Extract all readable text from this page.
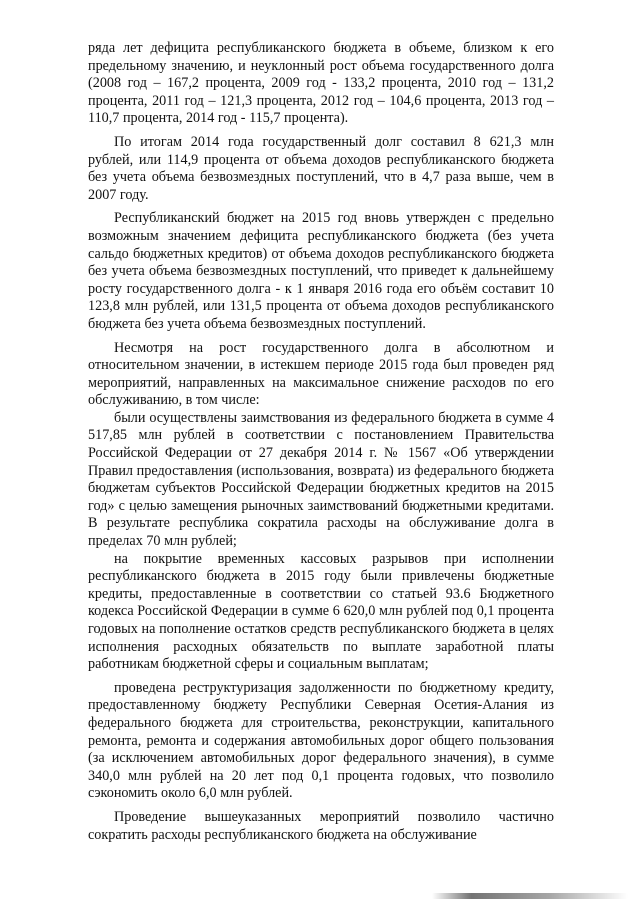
ряда лет дефицита республиканского бюджета в объеме, близком к его предельному значению, и неуклонный рост объема государственного долга (2008 год – 167,2 процента, 2009 год - 133,2 процента, 2010 год – 131,2 процента, 2011 год – 121,3 процента, 2012 год – 104,6 процента, 2013 год – 110,7 процента, 2014 год - 115,7 процента).

По итогам 2014 года государственный долг составил 8 621,3 млн рублей, или 114,9 процента от объема доходов республиканского бюджета без учета объема безвозмездных поступлений, что в 4,7 раза выше, чем в 2007 году.

Республиканский бюджет на 2015 год вновь утвержден с предельно возможным значением дефицита республиканского бюджета (без учета сальдо бюджетных кредитов) от объема доходов республиканского бюджета без учета объема безвозмездных поступлений, что приведет к дальнейшему росту государственного долга - к 1 января 2016 года его объём составит 10 123,8 млн рублей, или 131,5 процента от объема доходов республиканского бюджета без учета объема безвозмездных поступлений.

Несмотря на рост государственного долга в абсолютном и относительном значении, в истекшем периоде 2015 года был проведен ряд мероприятий, направленных на максимальное снижение расходов по его обслуживанию, в том числе:

были осуществлены заимствования из федерального бюджета в сумме 4 517,85 млн рублей в соответствии с постановлением Правительства Российской Федерации от 27 декабря 2014 г. № 1567 «Об утверждении Правил предоставления (использования, возврата) из федерального бюджета бюджетам субъектов Российской Федерации бюджетных кредитов на 2015 год» с целью замещения рыночных заимствований бюджетными кредитами. В результате республика сократила расходы на обслуживание долга в пределах 70 млн рублей;

на покрытие временных кассовых разрывов при исполнении республиканского бюджета в 2015 году были привлечены бюджетные кредиты, предоставленные в соответствии со статьей 93.6 Бюджетного кодекса Российской Федерации в сумме 6 620,0 млн рублей под 0,1 процента годовых на пополнение остатков средств республиканского бюджета в целях исполнения расходных обязательств по выплате заработной платы работникам бюджетной сферы и социальным выплатам;

проведена реструктуризация задолженности по бюджетному кредиту, предоставленному бюджету Республики Северная Осетия-Алания из федерального бюджета для строительства, реконструкции, капитального ремонта, ремонта и содержания автомобильных дорог общего пользования (за исключением автомобильных дорог федерального значения), в сумме 340,0 млн рублей на 20 лет под 0,1 процента годовых, что позволило сэкономить около 6,0 млн рублей.

Проведение вышеуказанных мероприятий позволило частично сократить расходы республиканского бюджета на обслуживание
